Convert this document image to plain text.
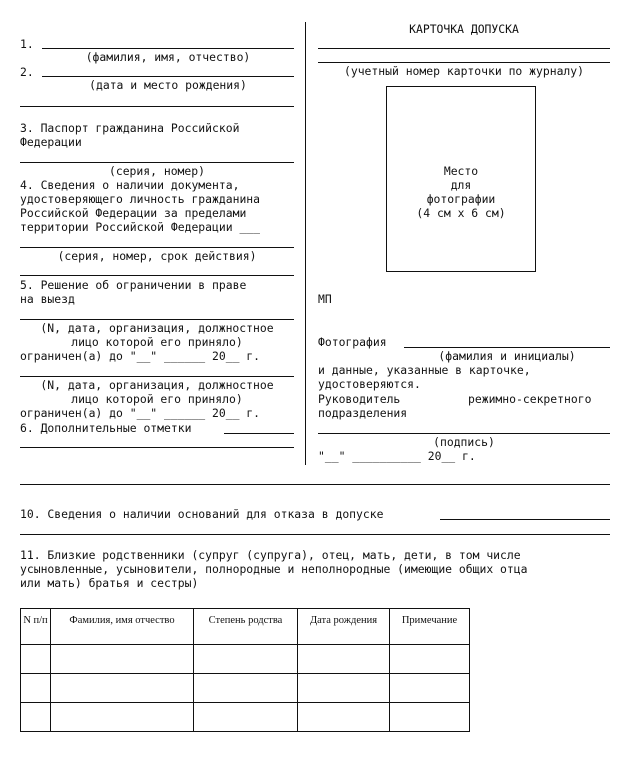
1.
(фамилия, имя, отчество)
2.
(дата и место рождения)
3. Паспорт гражданина Российской
Федерации
(серия, номер)
4. Сведения о наличии документа,
удостоверяющего личность гражданина
Российской Федерации за пределами
территории Российской Федерации ___
(серия, номер, срок действия)
5. Решение об ограничении в праве
на выезд
(N, дата, организация, должностное
лицо которой его приняло)
ограничен(а) до "__" ______ 20__ г.
(N, дата, организация, должностное
лицо которой его приняло)
ограничен(а) до "__" ______ 20__ г.
6. Дополнительные отметки
КАРТОЧКА ДОПУСКА
(учетный номер карточки по журналу)
Место
для
фотографии
(4 см x 6 см)
МП
Фотография
(фамилия и инициалы)
и данные, указанные в карточке,
удостоверяются.
Руководитель	режимно-секретного
подразделения
(подпись)
"__" __________ 20__ г.
10. Сведения о наличии оснований для отказа в допуске
11. Близкие родственники (супруг (супруга), отец, мать, дети, в том числе
усыновленные, усыновители, полнородные и неполнородные (имеющие общих отца
или мать) братья и сестры)
N п/п	Фамилия, имя отчество	Степень родства	Дата рождения	Примечание
